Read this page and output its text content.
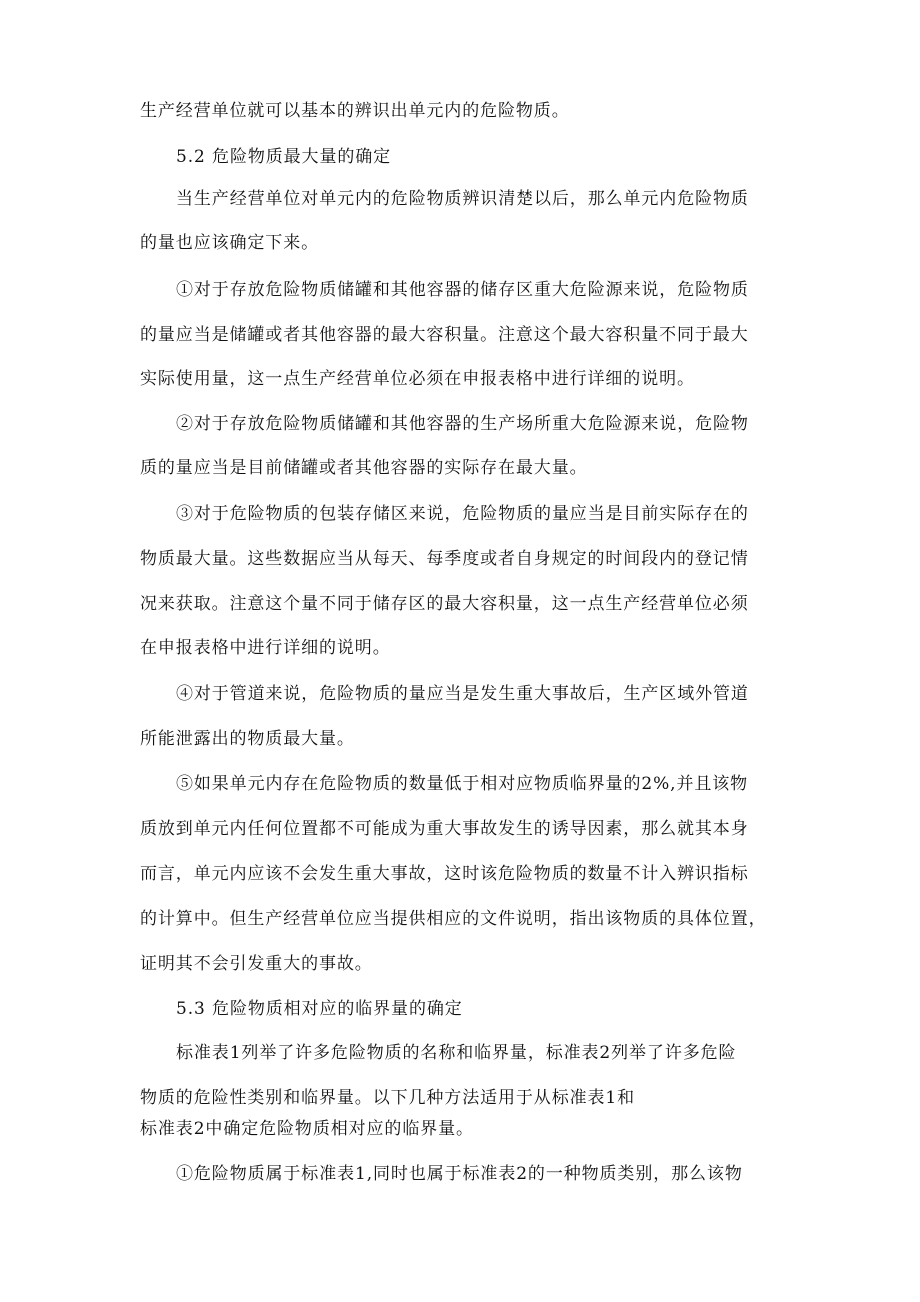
生产经营单位就可以基本的辨识出单元内的危险物质。
5.2 危险物质最大量的确定
当生产经营单位对单元内的危险物质辨识清楚以后，那么单元内危险物质
的量也应该确定下来。
①对于存放危险物质储罐和其他容器的储存区重大危险源来说，危险物质
的量应当是储罐或者其他容器的最大容积量。注意这个最大容积量不同于最大
实际使用量，这一点生产经营单位必须在申报表格中进行详细的说明。
②对于存放危险物质储罐和其他容器的生产场所重大危险源来说，危险物
质的量应当是目前储罐或者其他容器的实际存在最大量。
③对于危险物质的包装存储区来说，危险物质的量应当是目前实际存在的
物质最大量。这些数据应当从每天、每季度或者自身规定的时间段内的登记情
况来获取。注意这个量不同于储存区的最大容积量，这一点生产经营单位必须
在申报表格中进行详细的说明。
④对于管道来说，危险物质的量应当是发生重大事故后，生产区域外管道
所能泄露出的物质最大量。
⑤如果单元内存在危险物质的数量低于相对应物质临界量的2%,并且该物
质放到单元内任何位置都不可能成为重大事故发生的诱导因素，那么就其本身
而言，单元内应该不会发生重大事故，这时该危险物质的数量不计入辨识指标
的计算中。但生产经营单位应当提供相应的文件说明，指出该物质的具体位置，
证明其不会引发重大的事故。
5.3 危险物质相对应的临界量的确定
标准表1列举了许多危险物质的名称和临界量，标准表2列举了许多危险
物质的危险性类别和临界量。以下几种方法适用于从标准表1和
标准表2中确定危险物质相对应的临界量。
①危险物质属于标准表1,同时也属于标准表2的一种物质类别，那么该物
